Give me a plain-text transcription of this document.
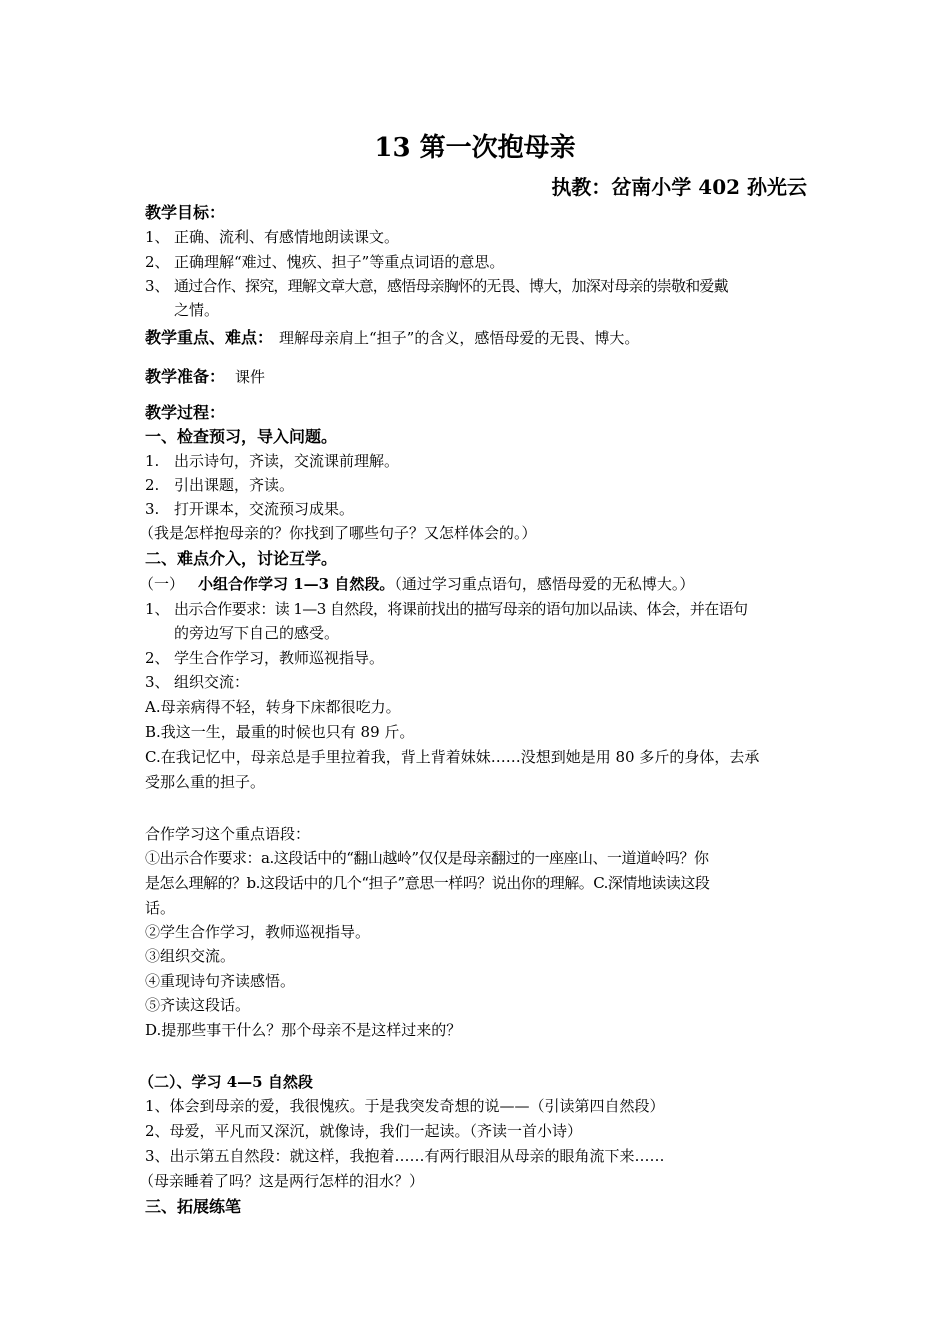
13 第一次抱母亲
执教：岔南小学 402 孙光云
教学目标：
1、 正确、流利、有感情地朗读课文。
2、 正确理解“难过、愧疚、担子”等重点词语的意思。
3、 通过合作、探究，理解文章大意，感悟母亲胸怀的无畏、博大，加深对母亲的崇敬和爱戴
之情。
教学重点、难点： 理解母亲肩上“担子”的含义，感悟母爱的无畏、博大。
教学准备： 课件
教学过程：
一、检查预习，导入问题。
1. 出示诗句，齐读，交流课前理解。
2. 引出课题，齐读。
3. 打开课本，交流预习成果。
（我是怎样抱母亲的？你找到了哪些句子？又怎样体会的。）
二、难点介入，讨论互学。
（一） 小组合作学习 1—3 自然段。（通过学习重点语句，感悟母爱的无私博大。）
1、 出示合作要求：读 1—3 自然段，将课前找出的描写母亲的语句加以品读、体会，并在语句
的旁边写下自己的感受。
2、 学生合作学习，教师巡视指导。
3、 组织交流：
A.母亲病得不轻，转身下床都很吃力。
B.我这一生，最重的时候也只有 89 斤。
C.在我记忆中，母亲总是手里拉着我，背上背着妹妹……没想到她是用 80 多斤的身体，去承
受那么重的担子。
合作学习这个重点语段：
①出示合作要求：a.这段话中的“翻山越岭”仅仅是母亲翻过的一座座山、一道道岭吗？你
是怎么理解的？b.这段话中的几个“担子”意思一样吗？说出你的理解。C.深情地读读这段
话。
②学生合作学习，教师巡视指导。
③组织交流。
④重现诗句齐读感悟。
⑤齐读这段话。
D.提那些事干什么？那个母亲不是这样过来的？
（二）、学习 4—5 自然段
1、体会到母亲的爱，我很愧疚。于是我突发奇想的说——（引读第四自然段）
2、母爱，平凡而又深沉，就像诗，我们一起读。（齐读一首小诗）
3、出示第五自然段：就这样，我抱着……有两行眼泪从母亲的眼角流下来……
（母亲睡着了吗？这是两行怎样的泪水？）
三、拓展练笔
